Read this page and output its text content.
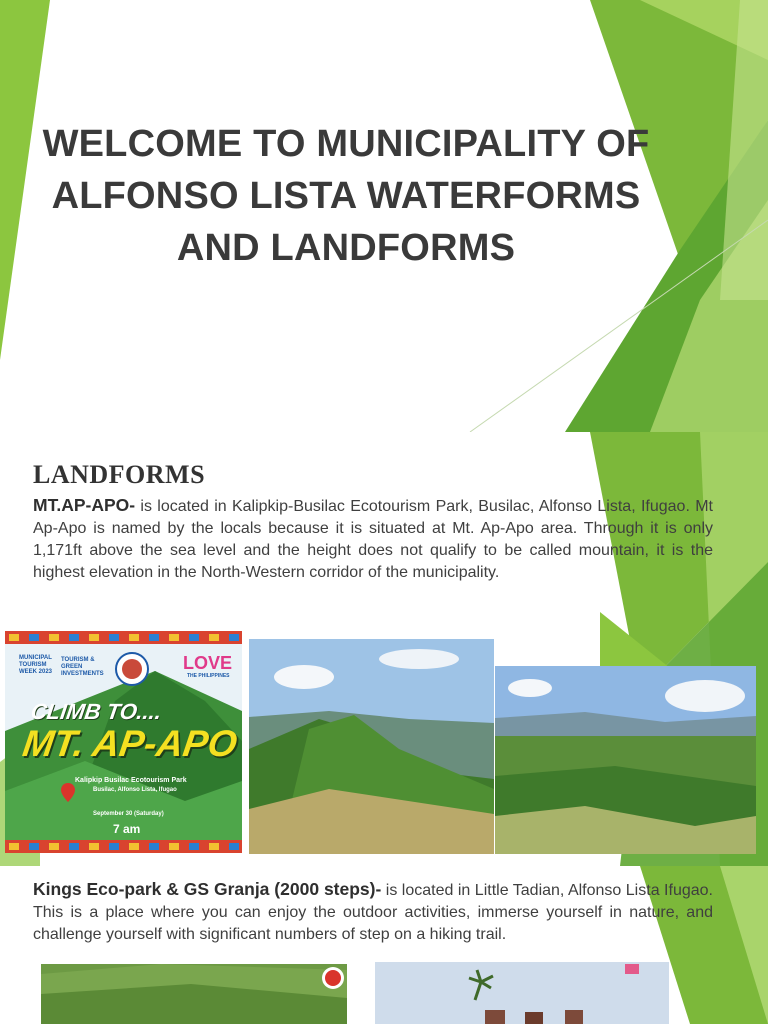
WELCOME TO MUNICIPALITY OF
ALFONSO LISTA WATERFORMS
AND LANDFORMS
LANDFORMS
MT.AP-APO- is located in Kalipkip-Busilac Ecotourism Park, Busilac, Alfonso Lista, Ifugao. Mt Ap-Apo is named by the locals because it is situated at Mt. Ap-Apo area. Through it is only 1,171ft above the sea level and the height does not qualify to be called mountain, it is the highest elevation in the North-Western corridor of the municipality.
MUNICIPAL TOURISM WEEK 2023
TOURISM & GREEN INVESTMENTS
LOVE
THE PHILIPPINES
CLIMB TO....
MT. AP-APO
Kalipkip Busilac Ecotourism Park
Busilac, Alfonso Lista, Ifugao
September 30 (Saturday)
7 am
Kings Eco-park & GS Granja (2000 steps)- is located in Little Tadian, Alfonso Lista Ifugao. This is a place where you can enjoy the outdoor activities, immerse yourself in nature, and challenge yourself with significant numbers of step on a hiking trail.
